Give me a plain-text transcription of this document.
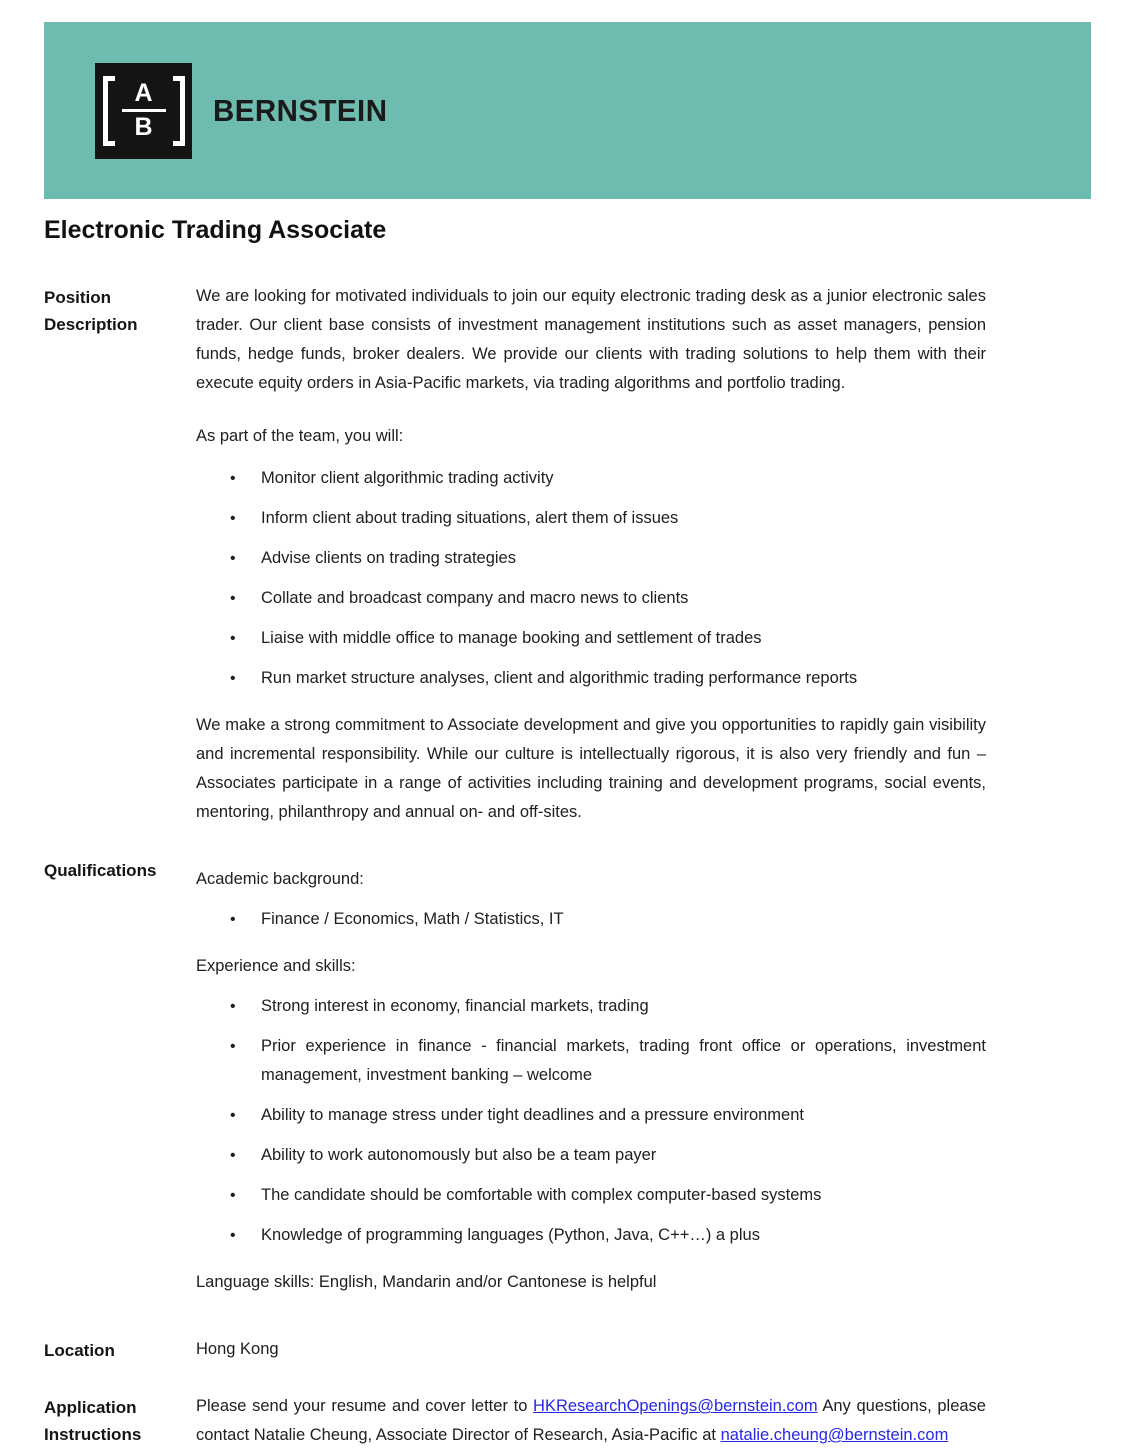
A
B BERNSTEIN
Electronic Trading Associate
Position
Description

We are looking for motivated individuals to join our equity electronic trading desk as a junior electronic sales trader. Our client base consists of investment management institutions such as asset managers, pension funds, hedge funds, broker dealers. We provide our clients with trading solutions to help them with their execute equity orders in Asia-Pacific markets, via trading algorithms and portfolio trading.

As part of the team, you will:

•
Monitor client algorithmic trading activity
•
Inform client about trading situations, alert them of issues
•
Advise clients on trading strategies
•
Collate and broadcast company and macro news to clients
•
Liaise with middle office to manage booking and settlement of trades
•
Run market structure analyses, client and algorithmic trading performance reports

We make a strong commitment to Associate development and give you opportunities to rapidly gain visibility and incremental responsibility. While our culture is intellectually rigorous, it is also very friendly and fun – Associates participate in a range of activities including training and development programs, social events, mentoring, philanthropy and annual on- and off-sites.

Qualifications	Academic background:

•
Finance / Economics, Math / Statistics, IT

Experience and skills:

•
Strong interest in economy, financial markets, trading
•
Prior experience in finance - financial markets, trading front office or operations, investment management, investment banking – welcome
•
Ability to manage stress under tight deadlines and a pressure environment
•
Ability to work autonomously but also be a team payer
•
The candidate should be comfortable with complex computer-based systems
•
Knowledge of programming languages (Python, Java, C++…) a plus

Language skills: English, Mandarin and/or Cantonese is helpful

Location	Hong Kong

Application
Instructions

Please send your resume and cover letter to HKResearchOpenings@bernstein.com Any questions, please contact Natalie Cheung, Associate Director of Research, Asia-Pacific at natalie.cheung@bernstein.com
